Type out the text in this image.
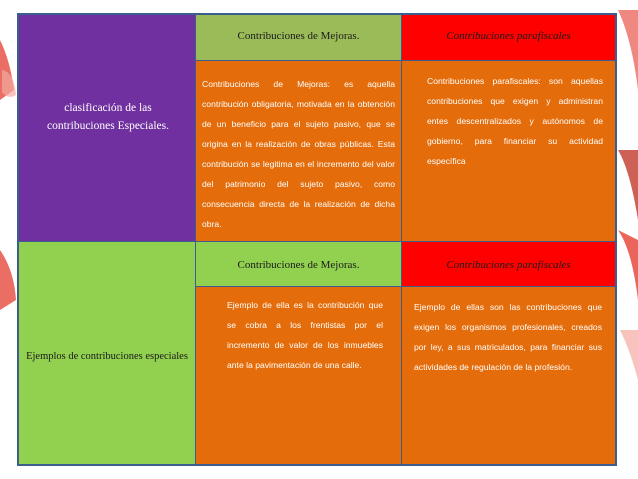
clasificación de las contribuciones Especiales.
Contribuciones de Mejoras.	Contribuciones parafiscales
Contribuciones de Mejoras: es aquella contribución obligatoria, motivada en la obtención de un beneficio para el sujeto pasivo, que se origina en la realización de obras públicas. Esta contribución se legitima en el incremento del valor del patrimonio del sujeto pasivo, como consecuencia directa de la realización de dicha obra.
Contribuciones parafiscales: son aquellas contribuciones que exigen y administran entes descentralizados y autónomos de gobierno, para financiar su actividad específica
Ejemplos de contribuciones especiales
Contribuciones de Mejoras.	Contribuciones parafiscales
Ejemplo de ella es la contribución que se cobra a los frentistas por el incremento de valor de los inmuebles ante la pavimentación de una calle.
Ejemplo de ellas son las contribuciones que exigen los organismos profesionales, creados por ley, a sus matriculados, para financiar sus actividades de regulación de la profesión.
